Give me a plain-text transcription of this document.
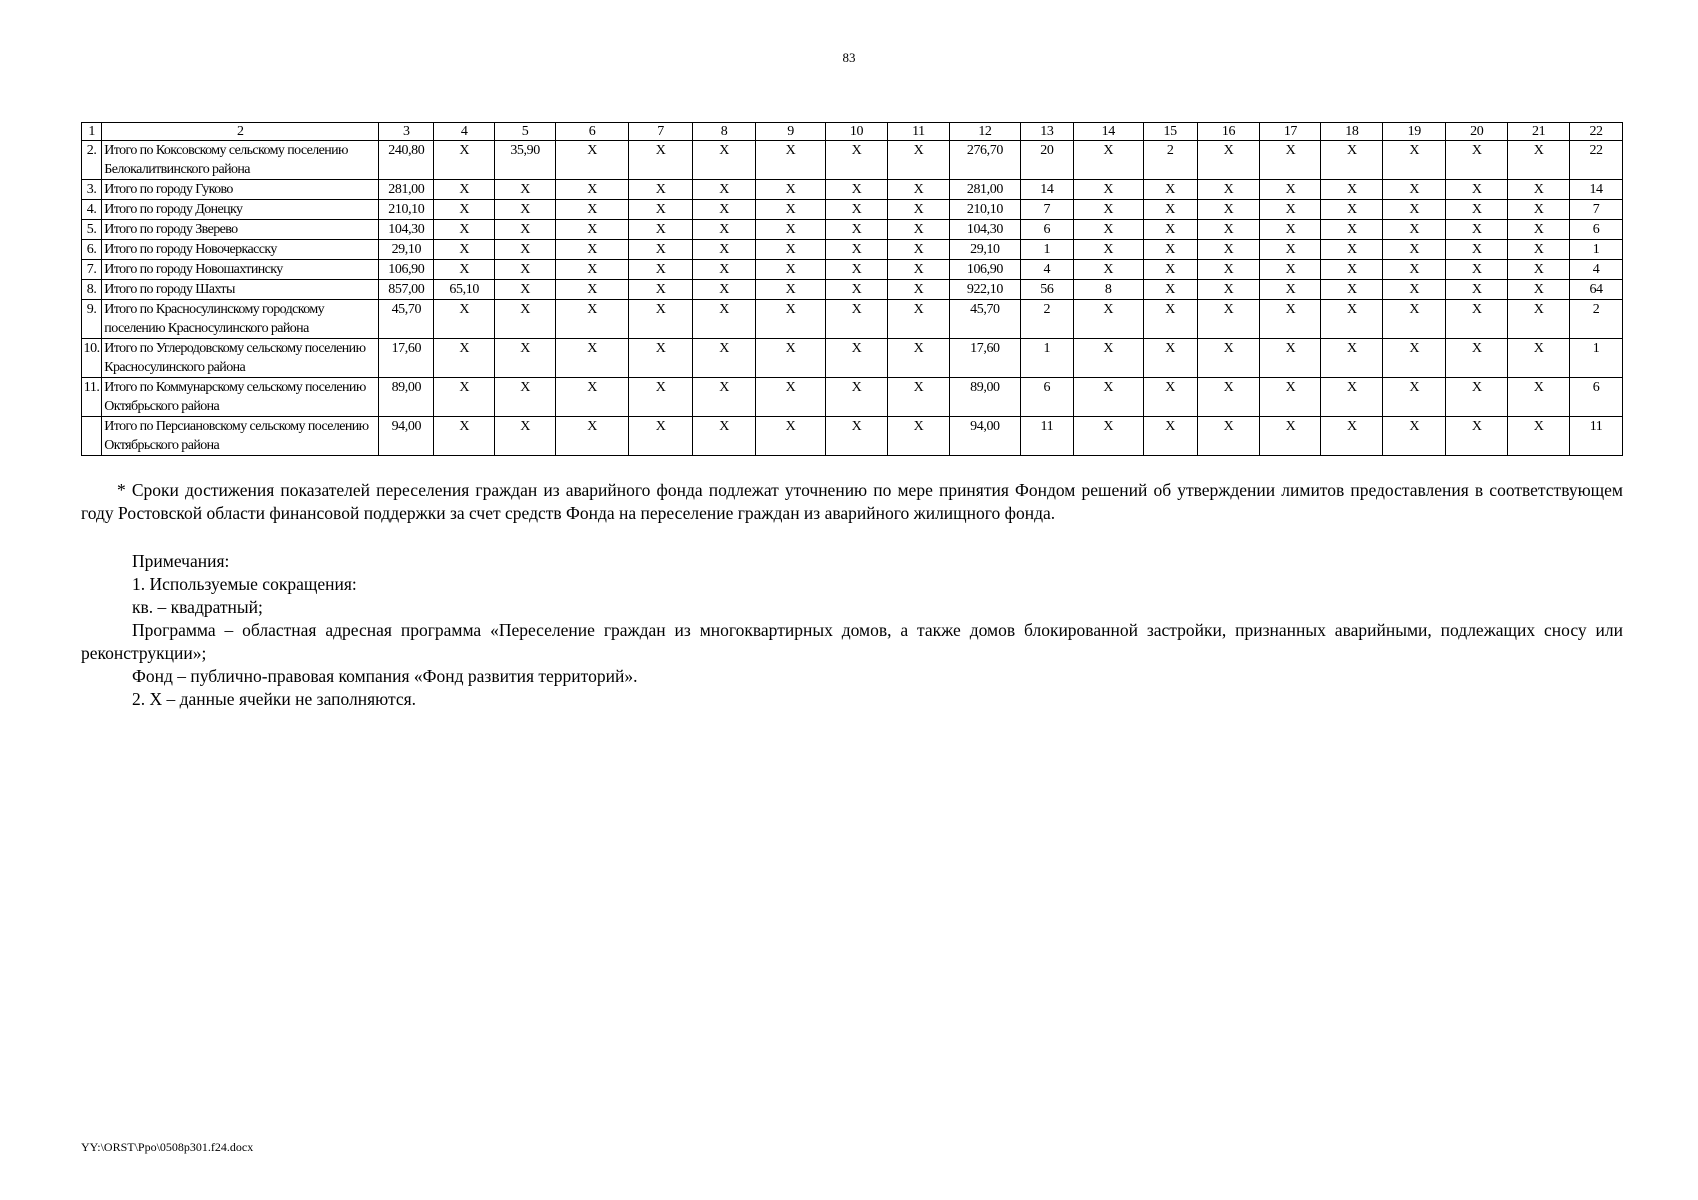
83
1	2	3	4	5	6	7	8	9	10	11	12	13	14	15	16	17	18	19	20	21	22
2.	Итого по Коксовскому сельскому поселению Белокалитвинского района	240,80	X	35,90	X	X	X	X	X	X	276,70	20	X	2	X	X	X	X	X	X	22
3.	Итого по городу Гуково	281,00	X	X	X	X	X	X	X	X	281,00	14	X	X	X	X	X	X	X	X	14
4.	Итого по городу Донецку	210,10	X	X	X	X	X	X	X	X	210,10	7	X	X	X	X	X	X	X	X	7
5.	Итого по городу Зверево	104,30	X	X	X	X	X	X	X	X	104,30	6	X	X	X	X	X	X	X	X	6
6.	Итого по городу Новочеркасску	29,10	X	X	X	X	X	X	X	X	29,10	1	X	X	X	X	X	X	X	X	1
7.	Итого по городу Новошахтинску	106,90	X	X	X	X	X	X	X	X	106,90	4	X	X	X	X	X	X	X	X	4
8.	Итого по городу Шахты	857,00	65,10	X	X	X	X	X	X	X	922,10	56	8	X	X	X	X	X	X	X	64
9.	Итого по Красносулинскому городскому поселению Красносулинского района	45,70	X	X	X	X	X	X	X	X	45,70	2	X	X	X	X	X	X	X	X	2
10.	Итого по Углеродовскому сельскому поселению Красносулинского района	17,60	X	X	X	X	X	X	X	X	17,60	1	X	X	X	X	X	X	X	X	1
11.	Итого по Коммунарскому сельскому поселению Октябрьского района	89,00	X	X	X	X	X	X	X	X	89,00	6	X	X	X	X	X	X	X	X	6
	Итого по Персиановскому сельскому поселению Октябрьского района	94,00	X	X	X	X	X	X	X	X	94,00	11	X	X	X	X	X	X	X	X	11
* Сроки достижения показателей переселения граждан из аварийного фонда подлежат уточнению по мере принятия Фондом решений об утверждении лимитов предоставления в соответствующем году Ростовской области финансовой поддержки за счет средств Фонда на переселение граждан из аварийного жилищного фонда.

Примечания:

1. Используемые сокращения:

кв. – квадратный;

Программа – областная адресная программа «Переселение граждан из многоквартирных домов, а также домов блокированной застройки, признанных аварийными, подлежащих сносу или реконструкции»;

Фонд – публично-правовая компания «Фонд развития территорий».

2. Х – данные ячейки не заполняются.

YY:\ORST\Ppo\0508p301.f24.docx
